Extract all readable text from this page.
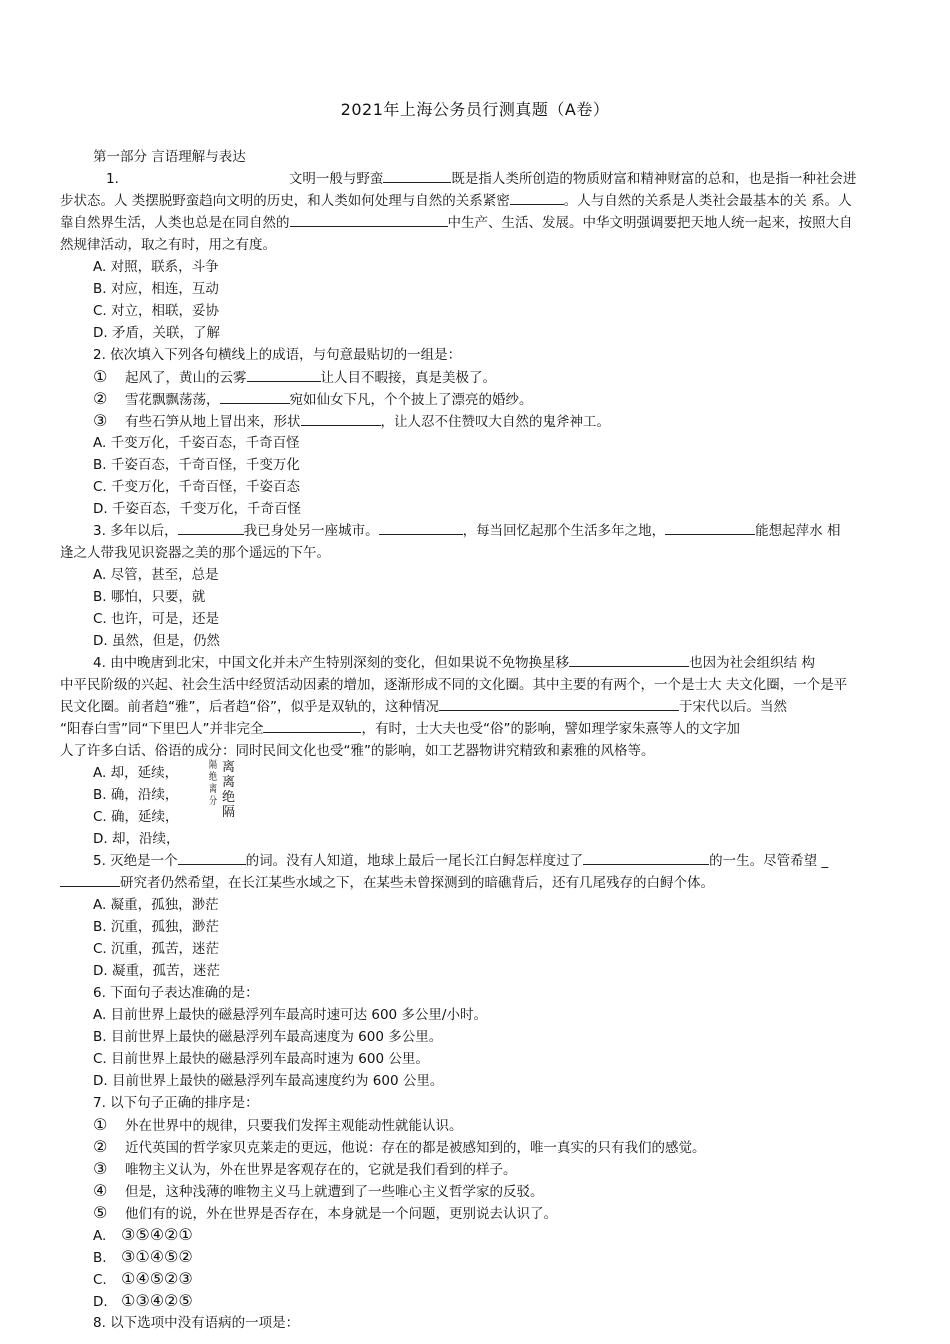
2021年上海公务员行测真题（A卷）
第一部分 言语理解与表达
1.	文明一般与野蛮	既是指人类所创造的物质财富和精神财富的总和，也是指一种社会进
步状态。人 类摆脱野蛮趋向文明的历史，和人类如何处理与自然的关系紧密	。人与自然的关系是人类社会最基本的关 系。人
靠自然界生活，人类也总是在同自然的	中生产、生活、发展。中华文明强调要把天地人统一起来，按照大自
然规律活动，取之有时，用之有度。
A. 对照，联系，斗争
B. 对应，相连，互动
C. 对立，相联，妥协
D. 矛盾，关联，了解
2. 依次填入下列各句横线上的成语，与句意最贴切的一组是：
① 起风了，黄山的云雾	让人目不暇接，真是美极了。
② 雪花飘飘荡荡，	宛如仙女下凡，个个披上了漂亮的婚纱。
③ 有些石笋从地上冒出来，形状	，让人忍不住赞叹大自然的鬼斧神工。
A. 千变万化，千姿百态，千奇百怪
B. 千姿百态，千奇百怪，千变万化
C. 千变万化，千奇百怪，千姿百态
D. 千姿百态，千变万化，千奇百怪
3. 多年以后，	我已身处另一座城市。	，每当回忆起那个生活多年之地，	能想起萍水 相
逢之人带我见识瓷器之美的那个遥远的下午。
A. 尽管，甚至，总是
B. 哪怕，只要，就
C. 也许，可是，还是
D. 虽然，但是，仍然
4. 由中晚唐到北宋，中国文化并未产生特别深刻的变化，但如果说不免物换星移	也因为社会组织结 构
中平民阶级的兴起、社会生活中经贸活动因素的增加，逐渐形成不同的文化圈。其中主要的有两个，一个是士大 夫文化圈，一个是平
民文化圈。前者趋“雅”，后者趋“俗”，似乎是双轨的，这种情况	于宋代以后。当然
“阳春白雪”同“下里巴人”并非完全	，有时，士大夫也受“俗”的影响，譬如理学家朱熹等人的文字加
人了许多白话、俗语的成分：同时民间文化也受“雅”的影响，如工艺器物讲究精致和素雅的风格等。
A. 却，延续，
B. 确，沿续，
C. 确，延续，
D. 却，沿续，
5. 灭绝是一个	的词。没有人知道，地球上最后一尾长江白鲟怎样度过了	的一生。尽管希望 _
研究者仍然希望，在长江某些水域之下，在某些未曾探测到的暗礁背后，还有几尾残存的白鲟个体。
A. 凝重，孤独，渺茫
B. 沉重，孤独，渺茫
C. 沉重，孤苦，迷茫
D. 凝重，孤苦，迷茫
6. 下面句子表达准确的是：
A. 目前世界上最快的磁悬浮列车最高时速可达 600 多公里/小时。
B. 目前世界上最快的磁悬浮列车最高速度为 600 多公里。
C. 目前世界上最快的磁悬浮列车最高时速为 600 公里。
D. 目前世界上最快的磁悬浮列车最高速度约为 600 公里。
7. 以下句子正确的排序是：
① 外在世界中的规律，只要我们发挥主观能动性就能认识。
② 近代英国的哲学家贝克莱走的更远，他说：存在的都是被感知到的，唯一真实的只有我们的感觉。
③ 唯物主义认为，外在世界是客观存在的，它就是我们看到的样子。
④ 但是，这种浅薄的唯物主义马上就遭到了一些唯心主义哲学家的反驳。
⑤ 他们有的说，外在世界是否存在，本身就是一个问题，更别说去认识了。
A. ③⑤④②①
B. ③①④⑤②
C. ①④⑤②③
D. ①③④②⑤
8. 以下选项中没有语病的一项是：
隔
绝
离
分
离
离
绝
隔
